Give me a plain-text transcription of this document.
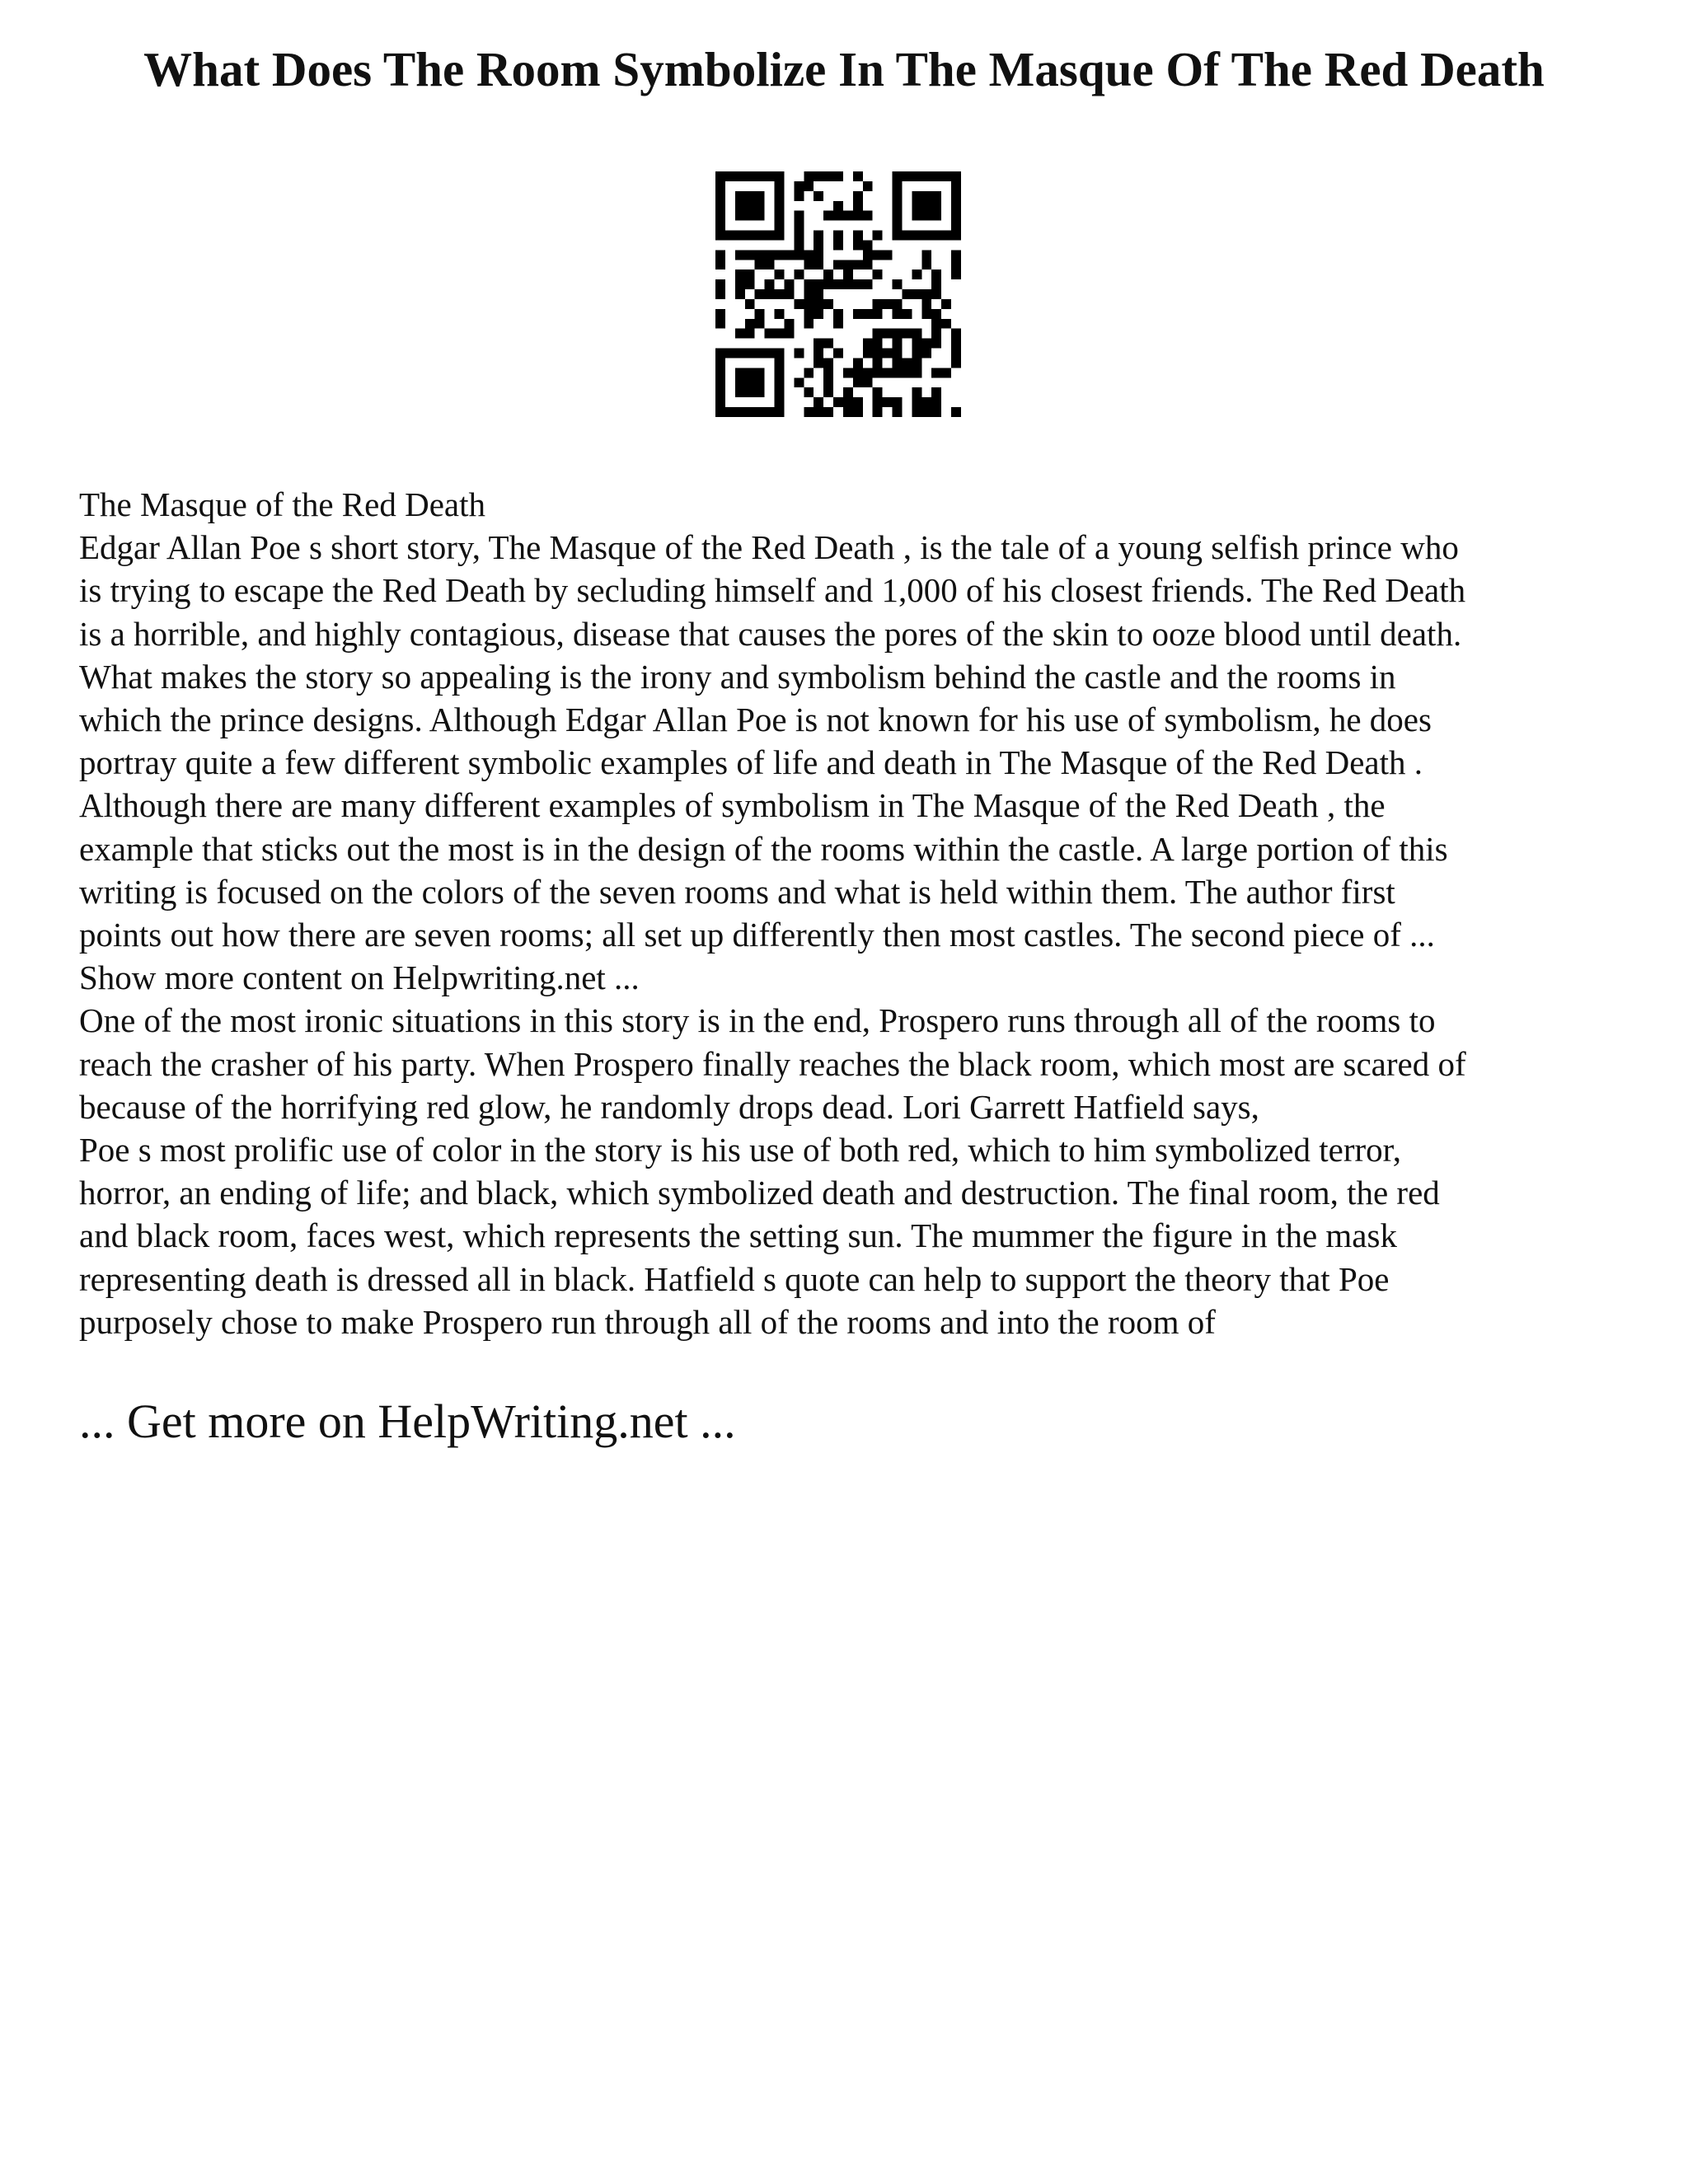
What Does The Room Symbolize In The Masque Of The Red Death
The Masque of the Red Death
Edgar Allan Poe s short story, The Masque of the Red Death , is the tale of a young selfish prince who
is trying to escape the Red Death by secluding himself and 1,000 of his closest friends. The Red Death
is a horrible, and highly contagious, disease that causes the pores of the skin to ooze blood until death.
What makes the story so appealing is the irony and symbolism behind the castle and the rooms in
which the prince designs. Although Edgar Allan Poe is not known for his use of symbolism, he does
portray quite a few different symbolic examples of life and death in The Masque of the Red Death .
Although there are many different examples of symbolism in The Masque of the Red Death , the
example that sticks out the most is in the design of the rooms within the castle. A large portion of this
writing is focused on the colors of the seven rooms and what is held within them. The author first
points out how there are seven rooms; all set up differently then most castles. The second piece of ...
Show more content on Helpwriting.net ...
One of the most ironic situations in this story is in the end, Prospero runs through all of the rooms to
reach the crasher of his party. When Prospero finally reaches the black room, which most are scared of
because of the horrifying red glow, he randomly drops dead. Lori Garrett Hatfield says,
Poe s most prolific use of color in the story is his use of both red, which to him symbolized terror,
horror, an ending of life; and black, which symbolized death and destruction. The final room, the red
and black room, faces west, which represents the setting sun. The mummer the figure in the mask
representing death is dressed all in black. Hatfield s quote can help to support the theory that Poe
purposely chose to make Prospero run through all of the rooms and into the room of
... Get more on HelpWriting.net ...
